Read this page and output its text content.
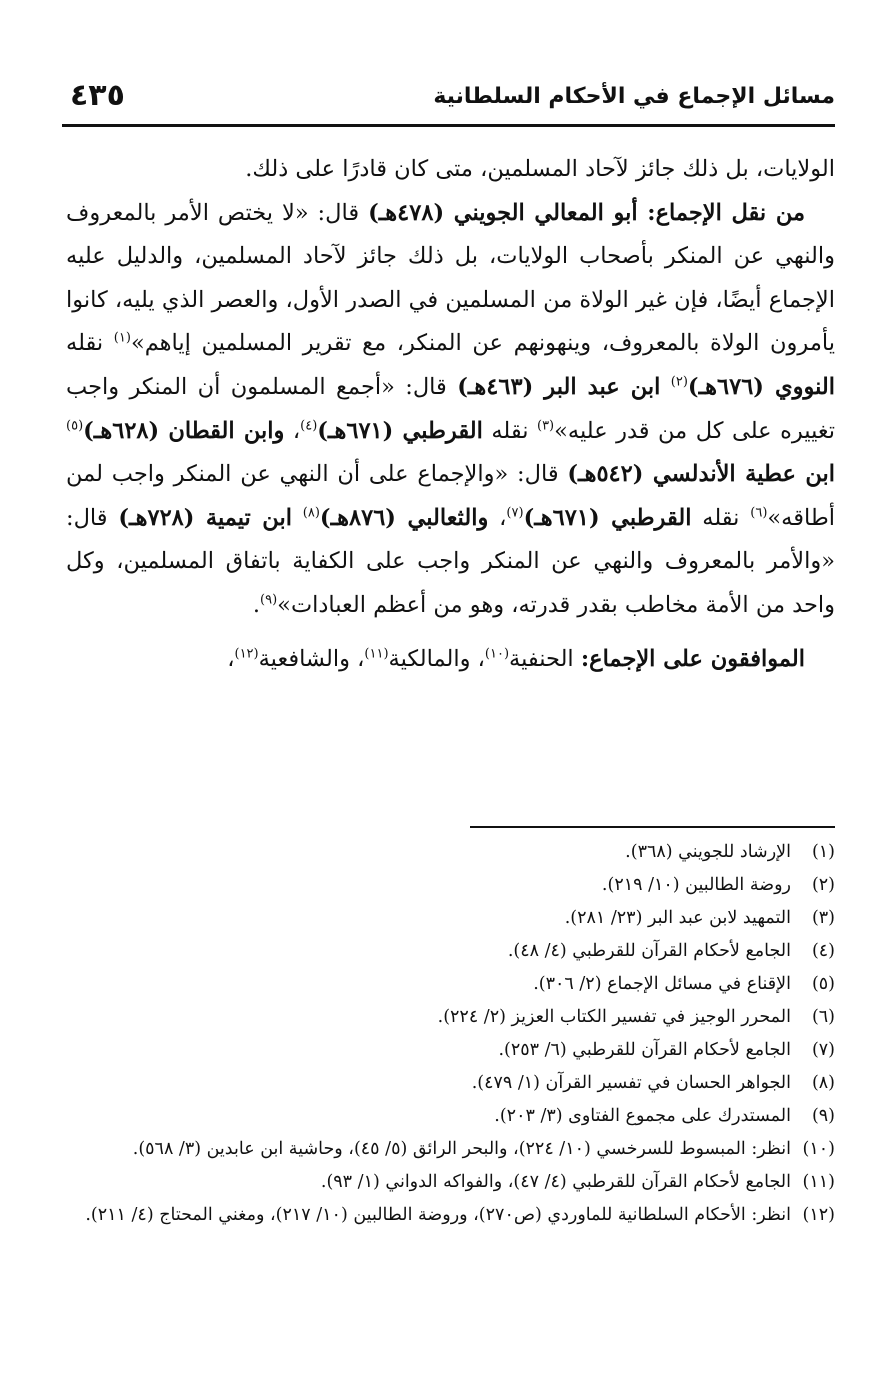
مسائل الإجماع في الأحكام السلطانية
٤٣٥

الولايات، بل ذلك جائز لآحاد المسلمين، متى كان قادرًا على ذلك.

من نقل الإجماع: أبو المعالي الجويني (٤٧٨هـ) قال: «لا يختص الأمر بالمعروف والنهي عن المنكر بأصحاب الولايات، بل ذلك جائز لآحاد المسلمين، والدليل عليه الإجماع أيضًا، فإن غير الولاة من المسلمين في الصدر الأول، والعصر الذي يليه، كانوا يأمرون الولاة بالمعروف، وينهونهم عن المنكر، مع تقرير المسلمين إياهم»$^{(١)}$ نقله النووي (٦٧٦هـ)$^{(٢)}$ ابن عبد البر (٤٦٣هـ) قال: «أجمع المسلمون أن المنكر واجب تغييره على كل من قدر عليه»$^{(٣)}$ نقله القرطبي (٦٧١هـ)$^{(٤)}$، وابن القطان (٦٢٨هـ)$^{(٥)}$ ابن عطية الأندلسي (٥٤٢هـ) قال: «والإجماع على أن النهي عن المنكر واجب لمن أطاقه»$^{(٦)}$ نقله القرطبي (٦٧١هـ)$^{(٧)}$، والثعالبي (٨٧٦هـ)$^{(٨)}$ ابن تيمية (٧٢٨هـ) قال: «والأمر بالمعروف والنهي عن المنكر واجب على الكفاية باتفاق المسلمين، وكل واحد من الأمة مخاطب بقدر قدرته، وهو من أعظم العبادات»$^{(٩)}$.

الموافقون على الإجماع: الحنفية$^{(١٠)}$، والمالكية$^{(١١)}$، والشافعية$^{(١٢)}$،

(١)
الإرشاد للجويني (٣٦٨).
(٢)
روضة الطالبين (١٠/ ٢١٩).
(٣)
التمهيد لابن عبد البر (٢٣/ ٢٨١).
(٤)
الجامع لأحكام القرآن للقرطبي (٤/ ٤٨).
(٥)
الإقناع في مسائل الإجماع (٢/ ٣٠٦).
(٦)
المحرر الوجيز في تفسير الكتاب العزيز (٢/ ٢٢٤).
(٧)
الجامع لأحكام القرآن للقرطبي (٦/ ٢٥٣).
(٨)
الجواهر الحسان في تفسير القرآن (١/ ٤٧٩).
(٩)
المستدرك على مجموع الفتاوى (٣/ ٢٠٣).
(١٠)
انظر: المبسوط للسرخسي (١٠/ ٢٢٤)، والبحر الرائق (٥/ ٤٥)، وحاشية ابن عابدين (٣/ ٥٦٨).
(١١)
الجامع لأحكام القرآن للقرطبي (٤/ ٤٧)، والفواكه الدواني (١/ ٩٣).
(١٢)
انظر: الأحكام السلطانية للماوردي (ص٢٧٠)، وروضة الطالبين (١٠/ ٢١٧)، ومغني المحتاج (٤/ ٢١١).
